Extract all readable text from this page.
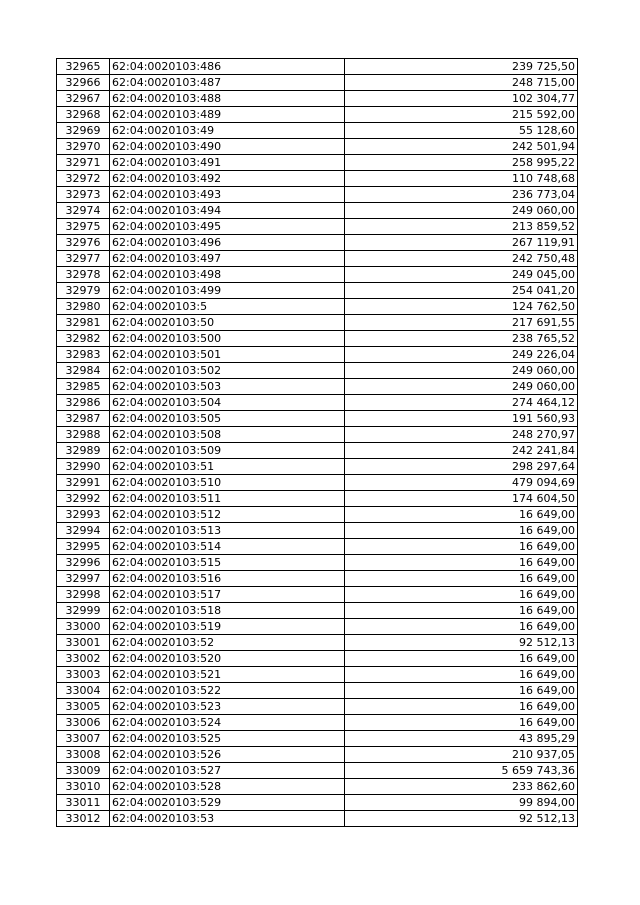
32965	62:04:0020103:486	239 725,50
32966	62:04:0020103:487	248 715,00
32967	62:04:0020103:488	102 304,77
32968	62:04:0020103:489	215 592,00
32969	62:04:0020103:49	55 128,60
32970	62:04:0020103:490	242 501,94
32971	62:04:0020103:491	258 995,22
32972	62:04:0020103:492	110 748,68
32973	62:04:0020103:493	236 773,04
32974	62:04:0020103:494	249 060,00
32975	62:04:0020103:495	213 859,52
32976	62:04:0020103:496	267 119,91
32977	62:04:0020103:497	242 750,48
32978	62:04:0020103:498	249 045,00
32979	62:04:0020103:499	254 041,20
32980	62:04:0020103:5	124 762,50
32981	62:04:0020103:50	217 691,55
32982	62:04:0020103:500	238 765,52
32983	62:04:0020103:501	249 226,04
32984	62:04:0020103:502	249 060,00
32985	62:04:0020103:503	249 060,00
32986	62:04:0020103:504	274 464,12
32987	62:04:0020103:505	191 560,93
32988	62:04:0020103:508	248 270,97
32989	62:04:0020103:509	242 241,84
32990	62:04:0020103:51	298 297,64
32991	62:04:0020103:510	479 094,69
32992	62:04:0020103:511	174 604,50
32993	62:04:0020103:512	16 649,00
32994	62:04:0020103:513	16 649,00
32995	62:04:0020103:514	16 649,00
32996	62:04:0020103:515	16 649,00
32997	62:04:0020103:516	16 649,00
32998	62:04:0020103:517	16 649,00
32999	62:04:0020103:518	16 649,00
33000	62:04:0020103:519	16 649,00
33001	62:04:0020103:52	92 512,13
33002	62:04:0020103:520	16 649,00
33003	62:04:0020103:521	16 649,00
33004	62:04:0020103:522	16 649,00
33005	62:04:0020103:523	16 649,00
33006	62:04:0020103:524	16 649,00
33007	62:04:0020103:525	43 895,29
33008	62:04:0020103:526	210 937,05
33009	62:04:0020103:527	5 659 743,36
33010	62:04:0020103:528	233 862,60
33011	62:04:0020103:529	99 894,00
33012	62:04:0020103:53	92 512,13
